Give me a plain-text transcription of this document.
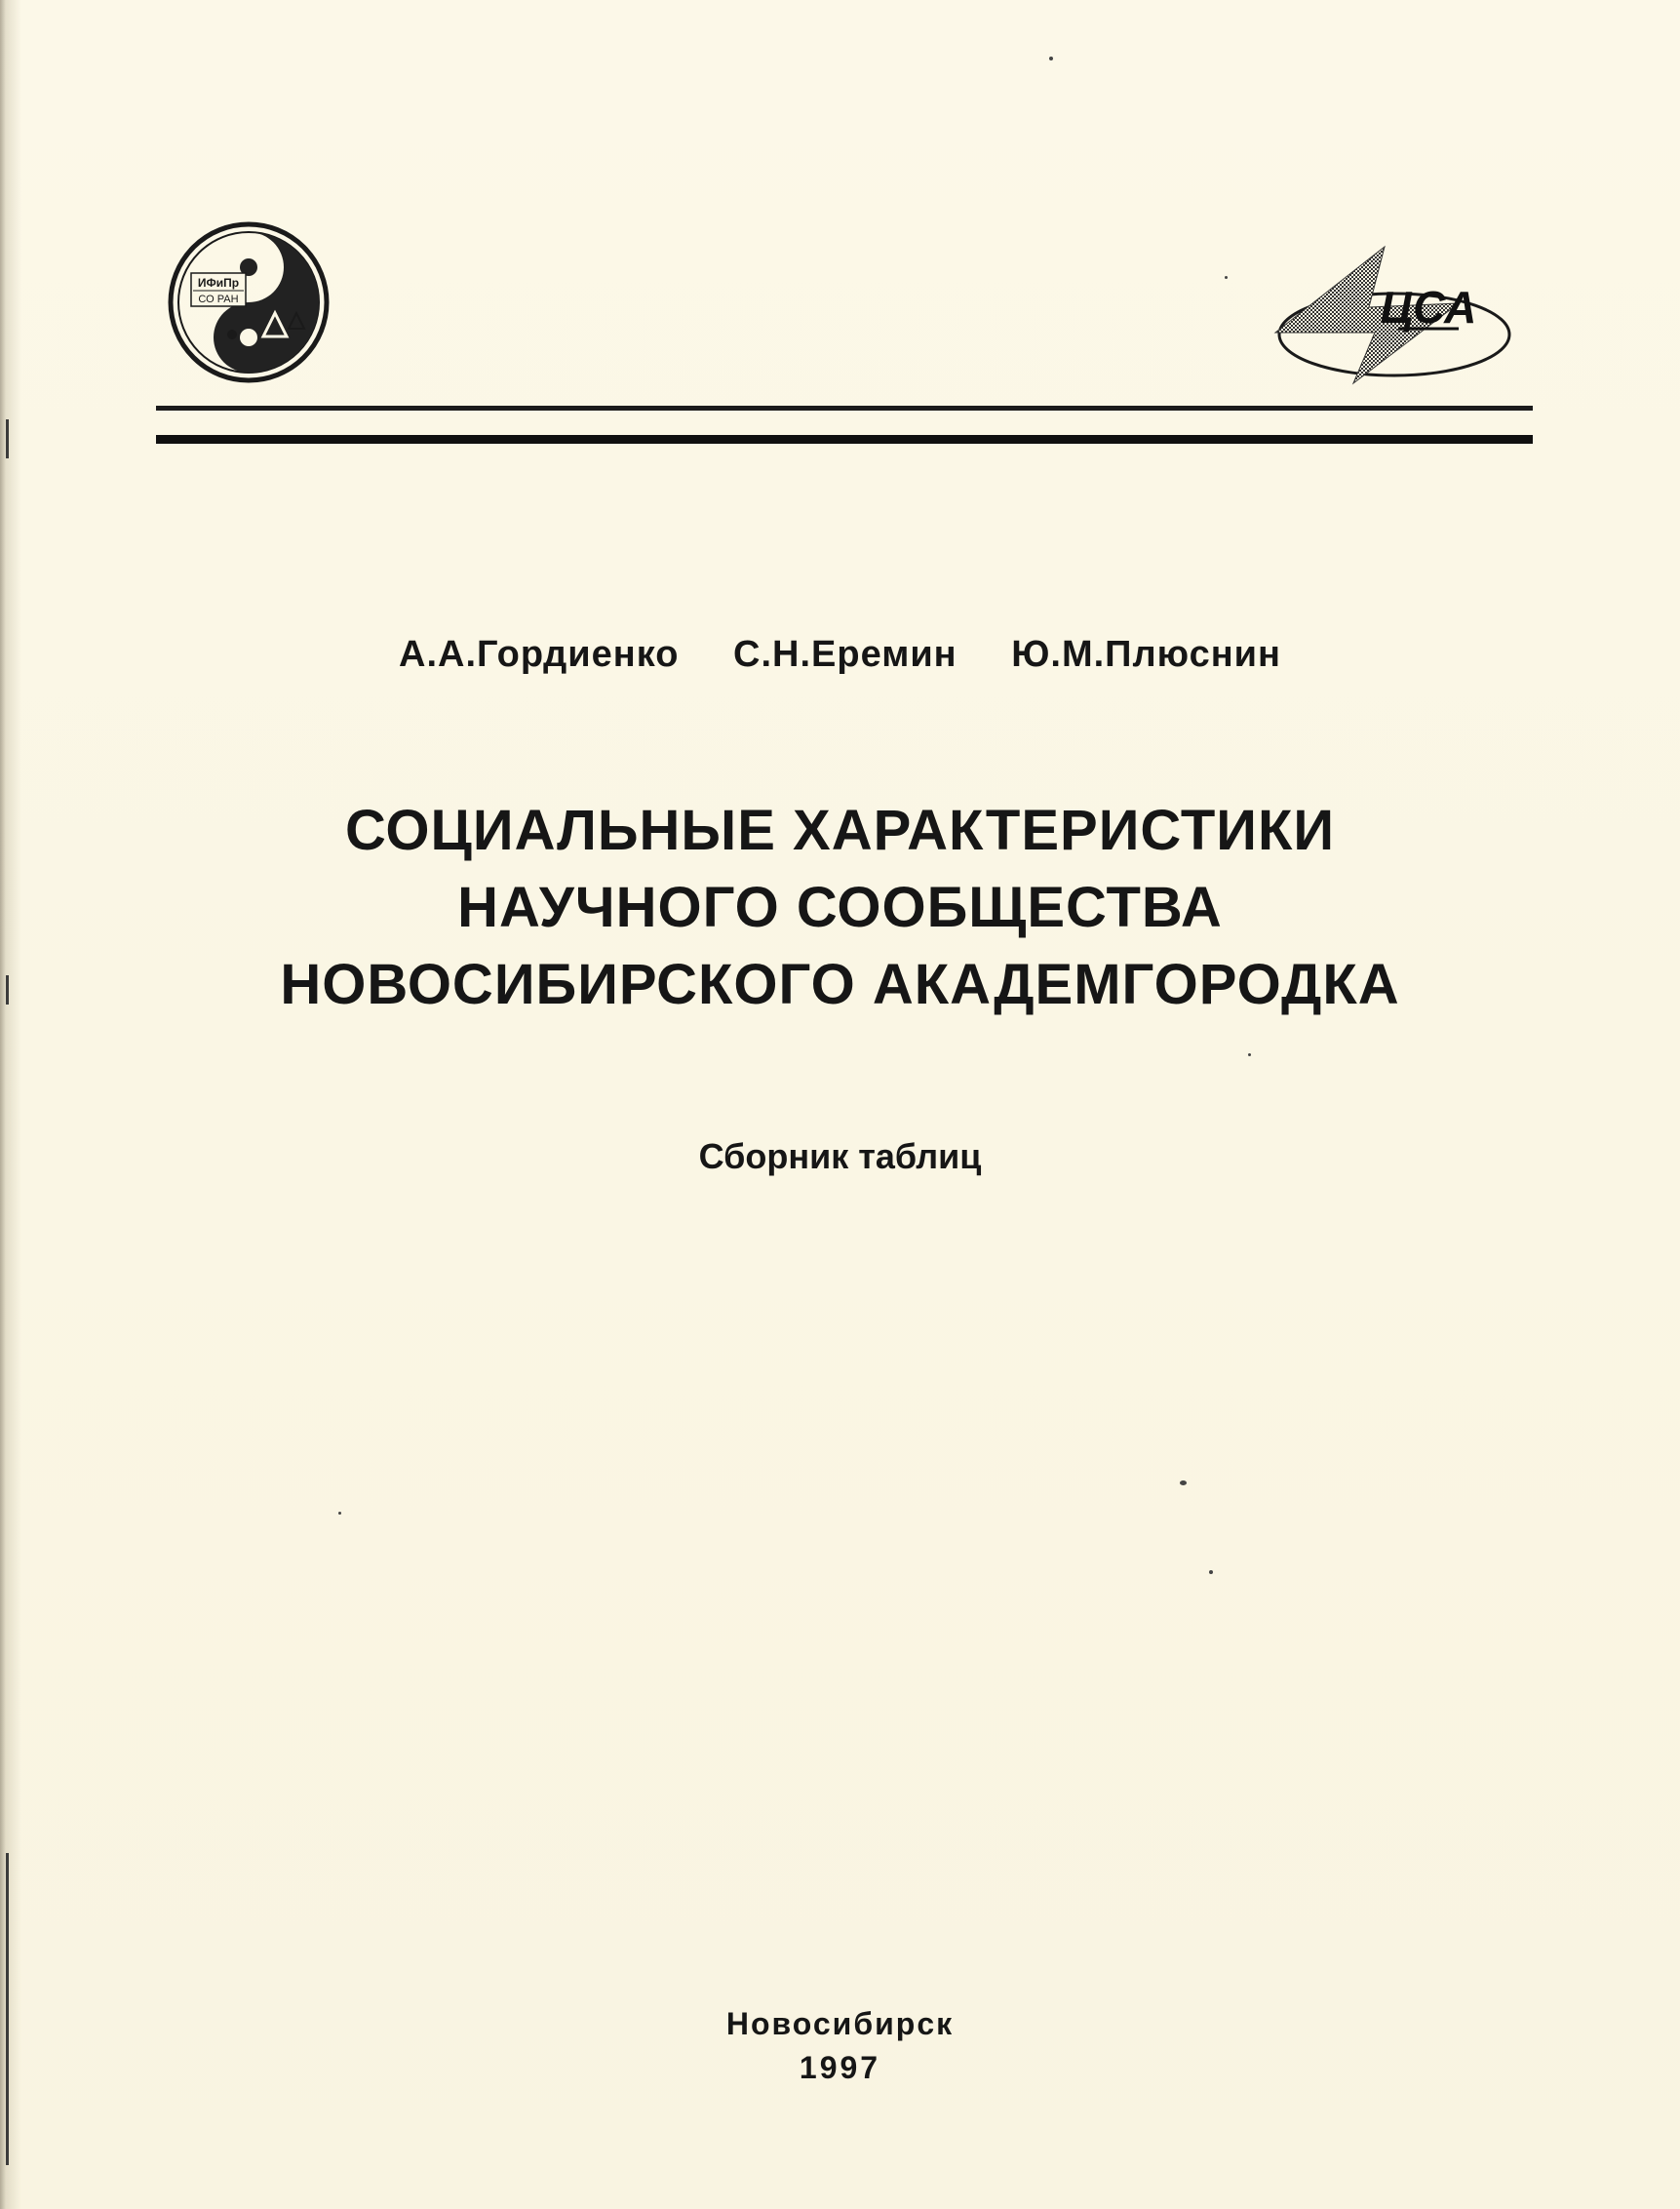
ИФиПр
СО РАН	ЦСА
А.А.Гордиенко С.Н.Еремин Ю.М.Плюснин
СОЦИАЛЬНЫЕ ХАРАКТЕРИСТИКИ
НАУЧНОГО СООБЩЕСТВА
НОВОСИБИРСКОГО АКАДЕМГОРОДКА
Сборник таблиц
Новосибирск
1997
